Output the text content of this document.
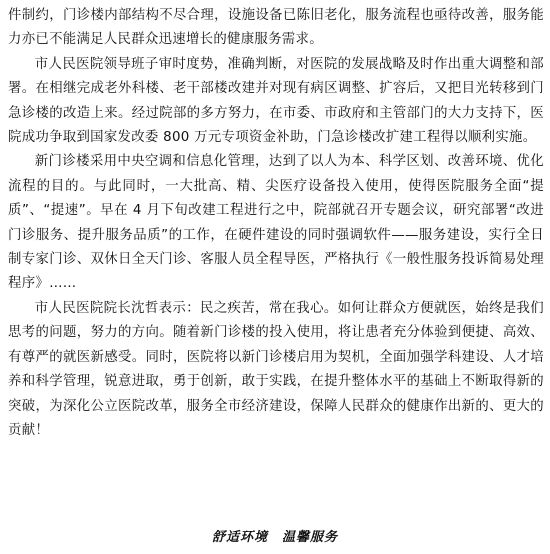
件制约，门诊楼内部结构不尽合理，设施设备已陈旧老化，服务流程也亟待改善，服务能力亦已不能满足人民群众迅速增长的健康服务需求。

市人民医院领导班子审时度势，准确判断，对医院的发展战略及时作出重大调整和部署。在相继完成老外科楼、老干部楼改建并对现有病区调整、扩容后，又把目光转移到门急诊楼的改造上来。经过院部的多方努力，在市委、市政府和主管部门的大力支持下，医院成功争取到国家发改委 800 万元专项资金补助，门急诊楼改扩建工程得以顺利实施。

新门诊楼采用中央空调和信息化管理，达到了以人为本、科学区划、改善环境、优化流程的目的。与此同时，一大批高、精、尖医疗设备投入使用，使得医院服务全面“提质”、“提速”。早在 4 月下旬改建工程进行之中，院部就召开专题会议，研究部署“改进门诊服务、提升服务品质”的工作，在硬件建设的同时强调软件——服务建设，实行全日制专家门诊、双休日全天门诊、客服人员全程导医，严格执行《一般性服务投诉简易处理程序》……

市人民医院院长沈哲表示：民之疾苦，常在我心。如何让群众方便就医，始终是我们思考的问题，努力的方向。随着新门诊楼的投入使用，将让患者充分体验到便捷、高效、有尊严的就医新感受。同时，医院将以新门诊楼启用为契机，全面加强学科建设、人才培养和科学管理，锐意进取，勇于创新，敢于实践，在提升整体水平的基础上不断取得新的突破，为深化公立医院改革，服务全市经济建设，保障人民群众的健康作出新的、更大的贡献！

舒适环境 温馨服务
